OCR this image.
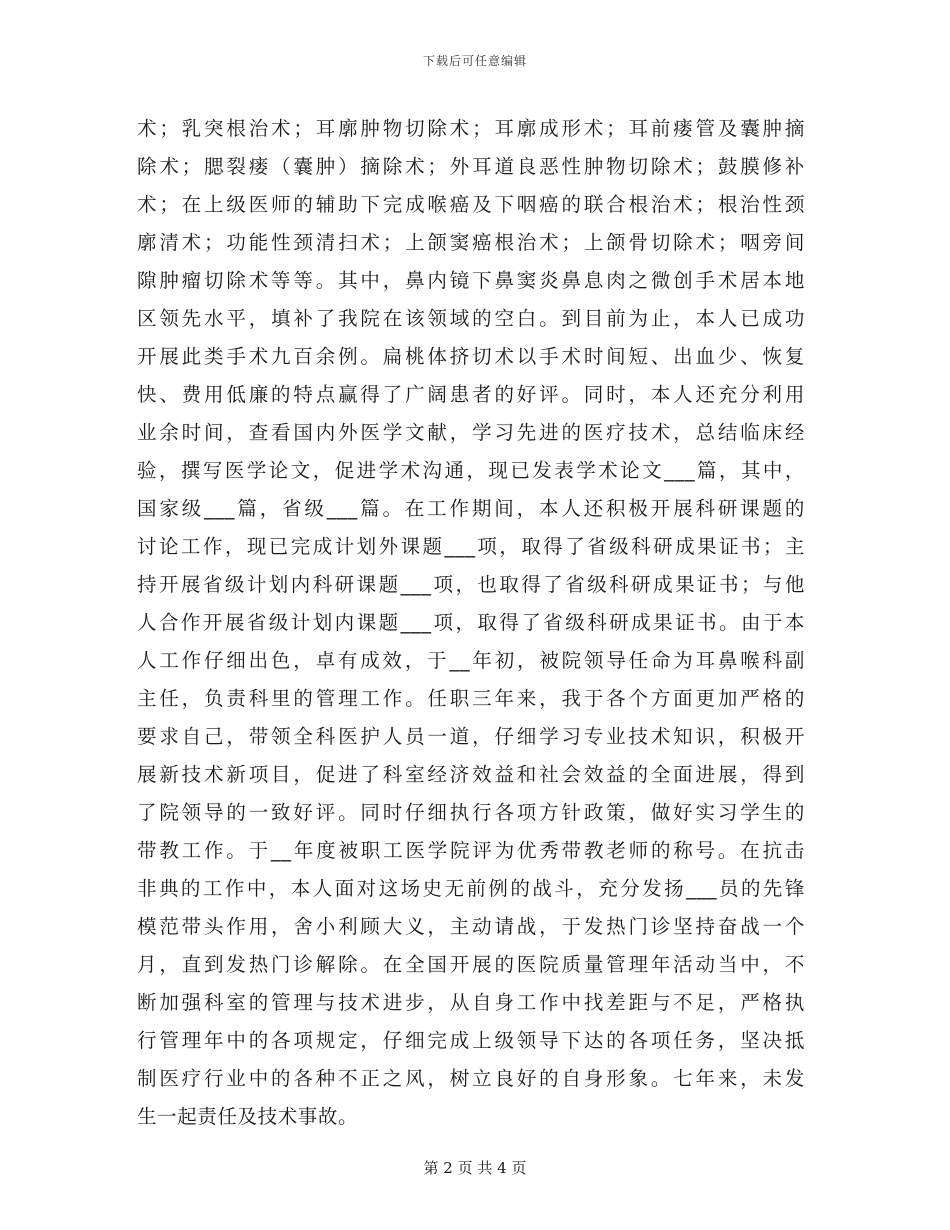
下载后可任意编辑
术；乳突根治术；耳廓肿物切除术；耳廓成形术；耳前瘘管及囊肿摘
除术；腮裂瘘（囊肿）摘除术；外耳道良恶性肿物切除术；鼓膜修补
术；在上级医师的辅助下完成喉癌及下咽癌的联合根治术；根治性颈
廓清术；功能性颈清扫术；上颌窦癌根治术；上颌骨切除术；咽旁间
隙肿瘤切除术等等。其中，鼻内镜下鼻窦炎鼻息肉之微创手术居本地
区领先水平，填补了我院在该领域的空白。到目前为止，本人已成功
开展此类手术九百余例。扁桃体挤切术以手术时间短、出血少、恢复
快、费用低廉的特点赢得了广阔患者的好评。同时，本人还充分利用
业余时间，查看国内外医学文献，学习先进的医疗技术，总结临床经
验，撰写医学论文，促进学术沟通，现已发表学术论文___篇，其中，
国家级___篇，省级___篇。在工作期间，本人还积极开展科研课题的
讨论工作，现已完成计划外课题___项，取得了省级科研成果证书；主
持开展省级计划内科研课题___项，也取得了省级科研成果证书；与他
人合作开展省级计划内课题___项，取得了省级科研成果证书。由于本
人工作仔细出色，卓有成效，于__年初，被院领导任命为耳鼻喉科副
主任，负责科里的管理工作。任职三年来，我于各个方面更加严格的
要求自己，带领全科医护人员一道，仔细学习专业技术知识，积极开
展新技术新项目，促进了科室经济效益和社会效益的全面进展，得到
了院领导的一致好评。同时仔细执行各项方针政策，做好实习学生的
带教工作。于__年度被职工医学院评为优秀带教老师的称号。在抗击
非典的工作中，本人面对这场史无前例的战斗，充分发扬___员的先锋
模范带头作用，舍小利顾大义，主动请战，于发热门诊坚持奋战一个
月，直到发热门诊解除。在全国开展的医院质量管理年活动当中，不
断加强科室的管理与技术进步，从自身工作中找差距与不足，严格执
行管理年中的各项规定，仔细完成上级领导下达的各项任务，坚决抵
制医疗行业中的各种不正之风，树立良好的自身形象。七年来，未发
生一起责任及技术事故。
第 2 页 共 4 页
